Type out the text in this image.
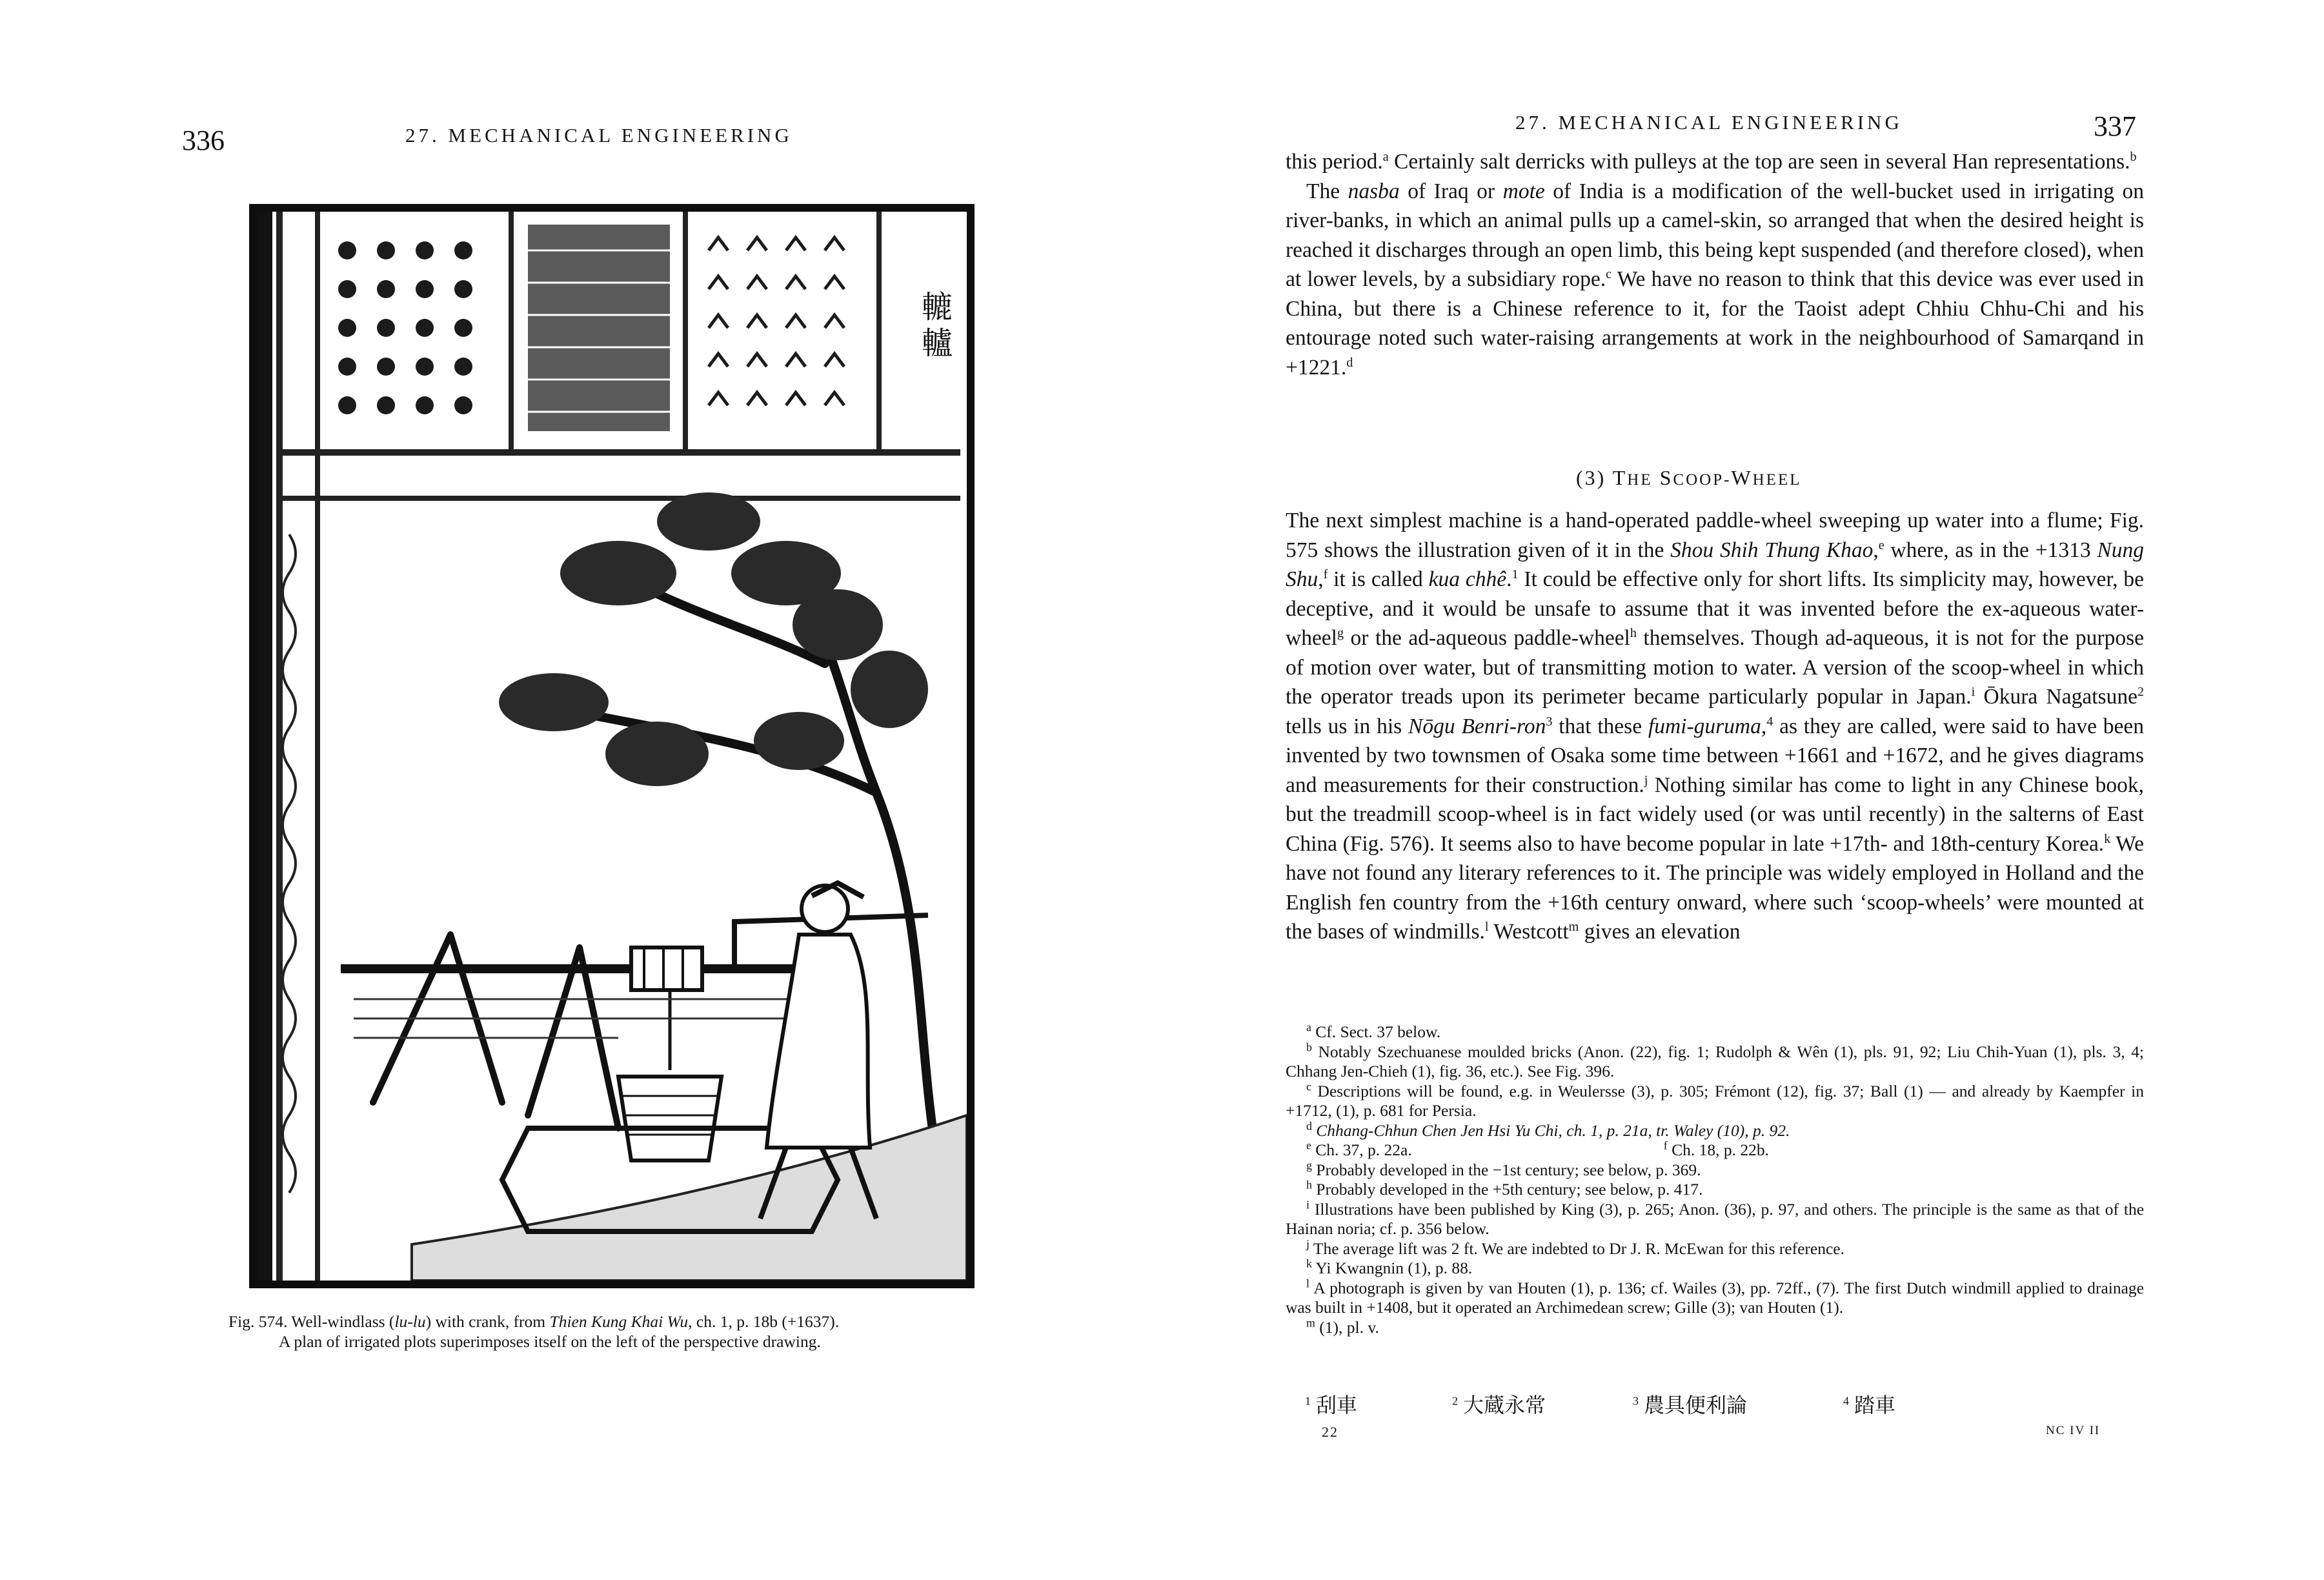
336	27. MECHANICAL ENGINEERING
轆轤
Fig. 574. Well-windlass (lu-lu) with crank, from Thien Kung Khai Wu, ch. 1, p. 18b (+1637).
A plan of irrigated plots superimposes itself on the left of the perspective drawing.
27. MECHANICAL ENGINEERING	337

this period.$^a$ Certainly salt derricks with pulleys at the top are seen in several Han representations.$^b$

The nasba of Iraq or mote of India is a modification of the well-bucket used in irrigating on river-banks, in which an animal pulls up a camel-skin, so arranged that when the desired height is reached it discharges through an open limb, this being kept suspended (and therefore closed), when at lower levels, by a subsidiary rope.$^c$ We have no reason to think that this device was ever used in China, but there is a Chinese reference to it, for the Taoist adept Chhiu Chhu-Chi and his entourage noted such water-raising arrangements at work in the neighbourhood of Samarqand in +1221.$^d$

(3) THE SCOOP-WHEEL

The next simplest machine is a hand-operated paddle-wheel sweeping up water into a flume; Fig. 575 shows the illustration given of it in the Shou Shih Thung Khao,$^e$ where, as in the +1313 Nung Shu,$^f$ it is called kua chhê.$^1$ It could be effective only for short lifts. Its simplicity may, however, be deceptive, and it would be unsafe to assume that it was invented before the ex-aqueous water-wheel$^g$ or the ad-aqueous paddle-wheel$^h$ themselves. Though ad-aqueous, it is not for the purpose of motion over water, but of transmitting motion to water. A version of the scoop-wheel in which the operator treads upon its perimeter became particularly popular in Japan.$^i$ Ōkura Nagatsune$^2$ tells us in his Nōgu Benri-ron$^3$ that these fumi-guruma,$^4$ as they are called, were said to have been invented by two townsmen of Osaka some time between +1661 and +1672, and he gives diagrams and measurements for their construction.$^j$ Nothing similar has come to light in any Chinese book, but the treadmill scoop-wheel is in fact widely used (or was until recently) in the salterns of East China (Fig. 576). It seems also to have become popular in late +17th- and 18th-century Korea.$^k$ We have not found any literary references to it. The principle was widely employed in Holland and the English fen country from the +16th century onward, where such ‘scoop-wheels’ were mounted at the bases of windmills.$^l$ Westcott$^m$ gives an elevation

$^a$ Cf. Sect. 37 below.
$^b$ Notably Szechuanese moulded bricks (Anon. (22), fig. 1; Rudolph & Wên (1), pls. 91, 92; Liu Chih-Yuan (1), pls. 3, 4; Chhang Jen-Chieh (1), fig. 36, etc.). See Fig. 396.
$^c$ Descriptions will be found, e.g. in Weulersse (3), p. 305; Frémont (12), fig. 37; Ball (1) — and already by Kaempfer in +1712, (1), p. 681 for Persia.
$^d$ Chhang-Chhun Chen Jen Hsi Yu Chi, ch. 1, p. 21a, tr. Waley (10), p. 92.
$^e$ Ch. 37, p. 22a.	$^f$ Ch. 18, p. 22b.
$^g$ Probably developed in the −1st century; see below, p. 369.
$^h$ Probably developed in the +5th century; see below, p. 417.
$^i$ Illustrations have been published by King (3), p. 265; Anon. (36), p. 97, and others. The principle is the same as that of the Hainan noria; cf. p. 356 below.
$^j$ The average lift was 2 ft. We are indebted to Dr J. R. McEwan for this reference.
$^k$ Yi Kwangnin (1), p. 88.
$^l$ A photograph is given by van Houten (1), p. 136; cf. Wailes (3), pp. 72ff., (7). The first Dutch windmill applied to drainage was built in +1408, but it operated an Archimedean screw; Gille (3); van Houten (1).
$^m$ (1), pl. v.
$^1$ 刮車	$^2$ 大蔵永常	$^3$ 農具便利論	$^4$ 踏車
22	NC IV II
